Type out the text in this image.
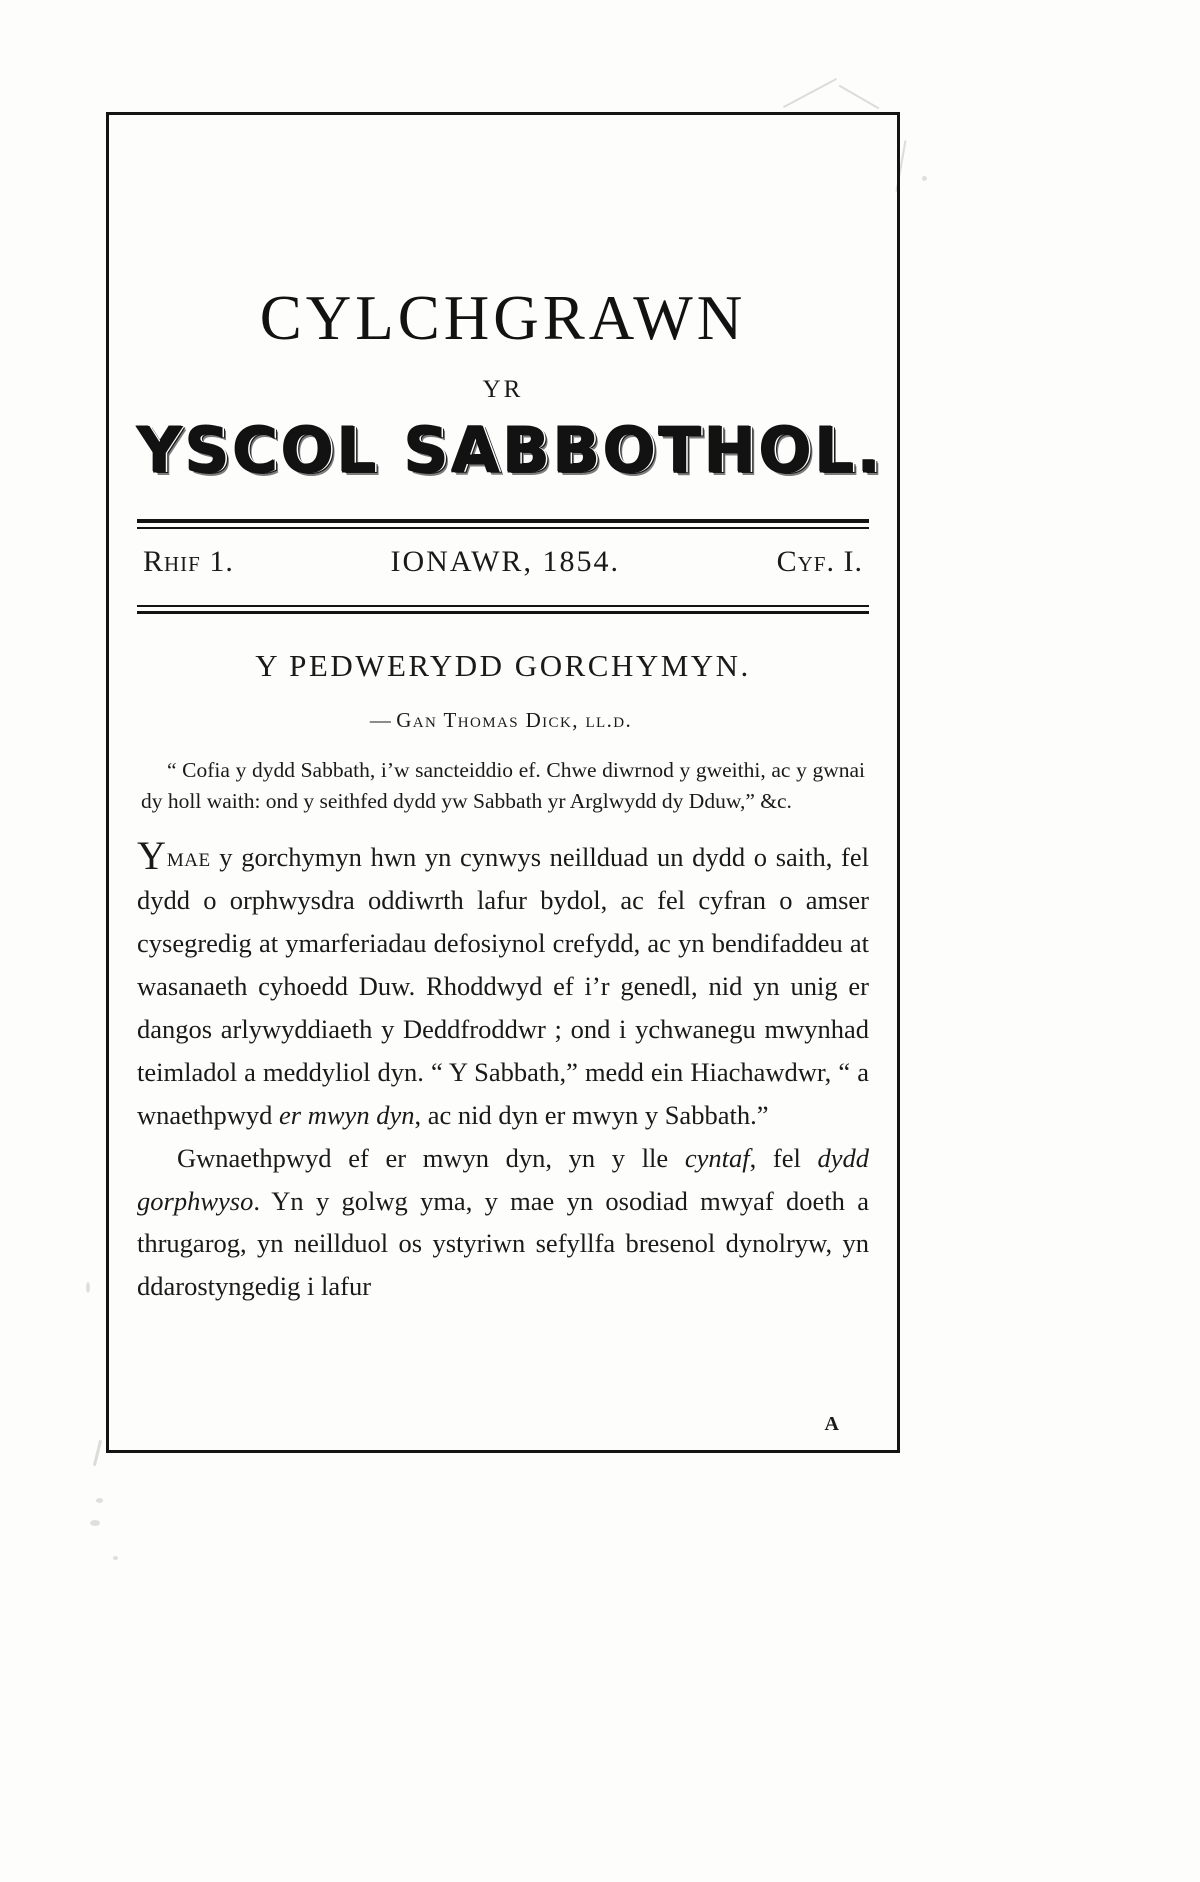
CYLCHGRAWN
YR
YSCOL SABBOTHOL.
Rhif 1.	IONAWR, 1854.	Cyf. I.
Y PEDWERYDD GORCHYMYN.
— Gan Thomas Dick, ll.d.
“ Cofia y dydd Sabbath, i’w sancteiddio ef. Chwe diwrnod y gweithi, ac y gwnai dy holl waith: ond y seithfed dydd yw Sabbath yr Arglwydd dy Dduw,” &c.

Ymae y gorchymyn hwn yn cynwys neillduad un dydd o saith, fel dydd o orphwysdra oddiwrth lafur bydol, ac fel cyfran o amser cysegredig at ymarferiadau defosiynol crefydd, ac yn bendifaddeu at wasanaeth cyhoedd Duw. Rhoddwyd ef i’r genedl, nid yn unig er dangos arlywyddiaeth y Deddfroddwr ; ond i ychwanegu mwynhad teimladol a meddyliol dyn. “ Y Sabbath,” medd ein Hiachawdwr, “ a wnaethpwyd er mwyn dyn, ac nid dyn er mwyn y Sabbath.”

Gwnaethpwyd ef er mwyn dyn, yn y lle cyntaf, fel dydd gorphwyso. Yn y golwg yma, y mae yn osodiad mwyaf doeth a thrugarog, yn neillduol os ystyriwn sefyllfa bresenol dynolryw, yn ddarostyngedig i lafur

A
